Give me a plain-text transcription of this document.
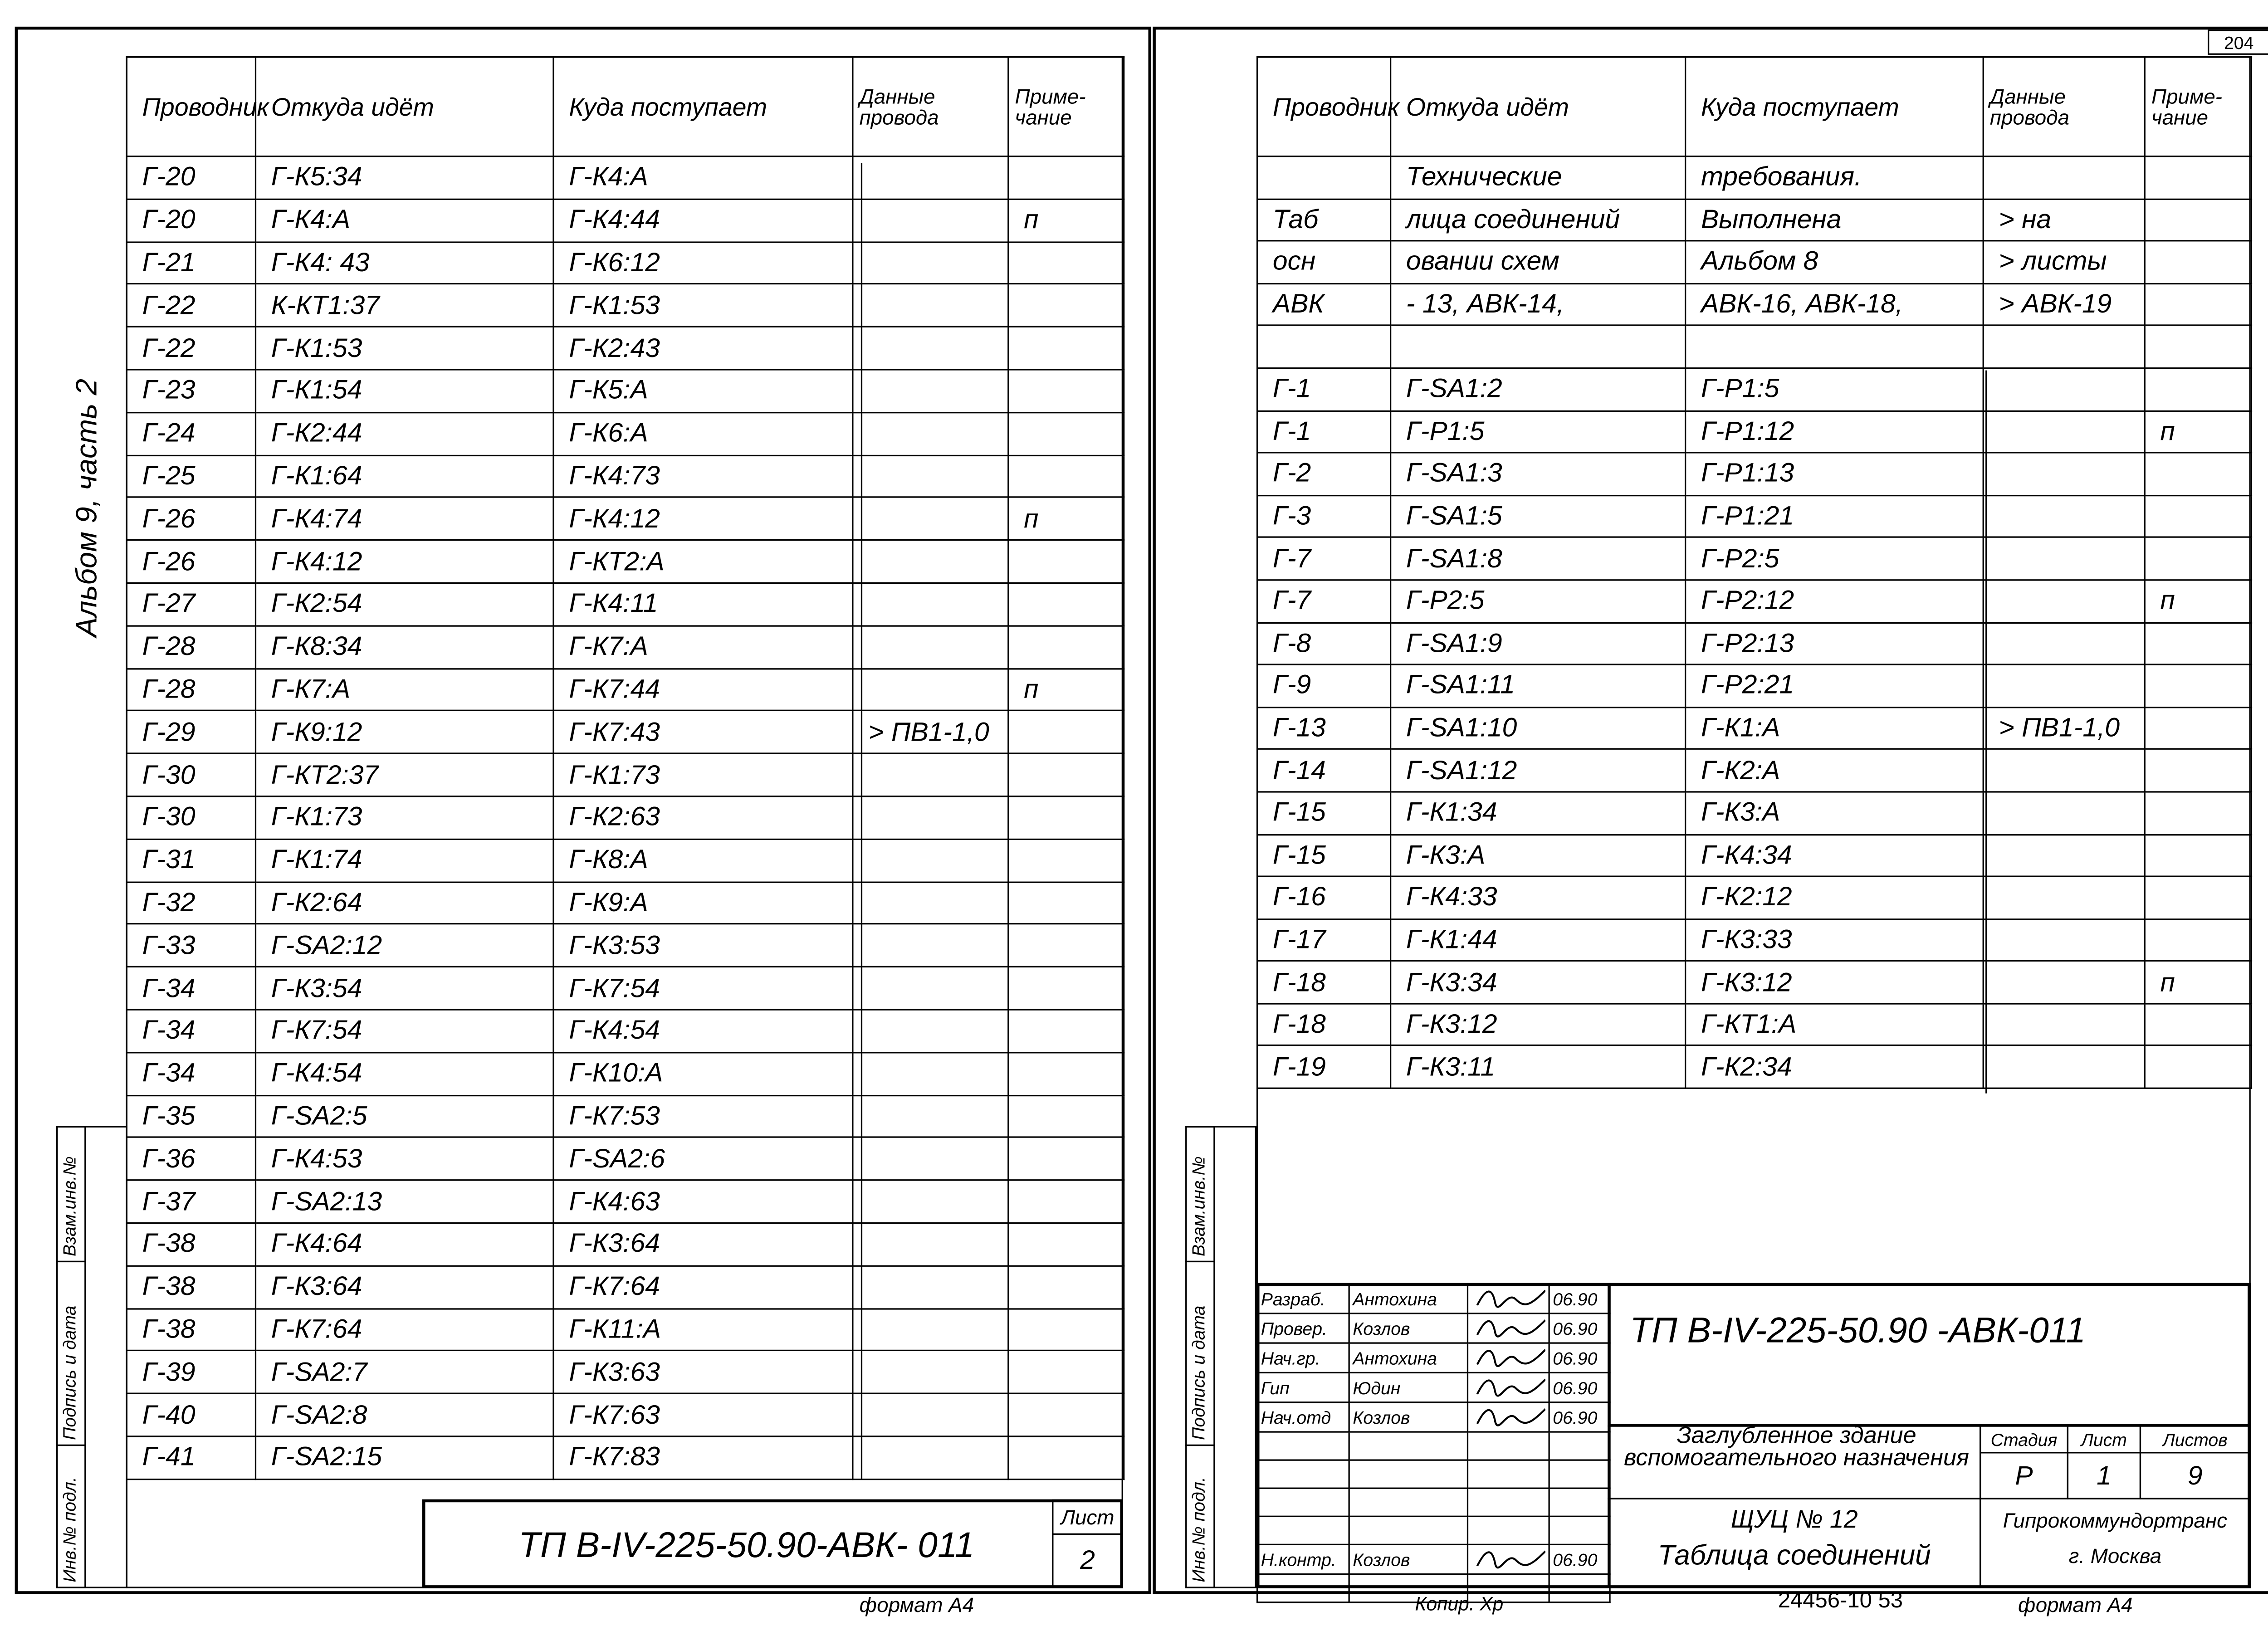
Альбом 9, часть 2
Проводник	Откуда идёт	Куда поступает	Данные провода	Приме-чание
Г-20	Г-К5:34	Г-К4:А		
Г-20	Г-К4:А	Г-К4:44		п
Г-21	Г-К4: 43	Г-К6:12		
Г-22	К-КТ1:37	Г-К1:53		
Г-22	Г-К1:53	Г-К2:43		
Г-23	Г-К1:54	Г-К5:А		
Г-24	Г-К2:44	Г-К6:А		
Г-25	Г-К1:64	Г-К4:73		
Г-26	Г-К4:74	Г-К4:12		п
Г-26	Г-К4:12	Г-КТ2:А		
Г-27	Г-К2:54	Г-К4:11		
Г-28	Г-К8:34	Г-К7:А		
Г-28	Г-К7:А	Г-К7:44		п
Г-29	Г-К9:12	Г-К7:43	> ПВ1-1,0	
Г-30	Г-КТ2:37	Г-К1:73		
Г-30	Г-К1:73	Г-К2:63		
Г-31	Г-К1:74	Г-К8:А		
Г-32	Г-К2:64	Г-К9:А		
Г-33	Г-SA2:12	Г-К3:53		
Г-34	Г-К3:54	Г-К7:54		
Г-34	Г-К7:54	Г-К4:54		
Г-34	Г-К4:54	Г-К10:А		
Г-35	Г-SA2:5	Г-К7:53		
Г-36	Г-К4:53	Г-SA2:6		
Г-37	Г-SA2:13	Г-К4:63		
Г-38	Г-К4:64	Г-К3:64		
Г-38	Г-К3:64	Г-К7:64		
Г-38	Г-К7:64	Г-К11:А		
Г-39	Г-SA2:7	Г-К3:63		
Г-40	Г-SA2:8	Г-К7:63		
Г-41	Г-SA2:15	Г-К7:83		
Взам.инв.№
Подпись и дата
Инв.№ подл.	ТП В-IV-225-50.90-АВК- 011
Лист
2
формат А4
204
Проводник	Откуда идёт	Куда поступает	Данные провода	Приме-чание
	Технические	требования.		
Таб	лица соединений	Выполнена	> на	
осн	овании схем	Альбом 8	> листы	
АВК	- 13, АВК-14,	АВК-16, АВК-18,	> АВК-19	

Г-1	Г-SA1:2	Г-Р1:5		
Г-1	Г-Р1:5	Г-Р1:12		п
Г-2	Г-SA1:3	Г-Р1:13		
Г-3	Г-SA1:5	Г-Р1:21		
Г-7	Г-SA1:8	Г-Р2:5		
Г-7	Г-Р2:5	Г-Р2:12		п
Г-8	Г-SA1:9	Г-Р2:13		
Г-9	Г-SA1:11	Г-Р2:21		
Г-13	Г-SA1:10	Г-К1:А	> ПВ1-1,0	
Г-14	Г-SA1:12	Г-К2:А		
Г-15	Г-К1:34	Г-К3:А		
Г-15	Г-К3:А	Г-К4:34		
Г-16	Г-К4:33	Г-К2:12		
Г-17	Г-К1:44	Г-К3:33		
Г-18	Г-К3:34	Г-К3:12		п
Г-18	Г-К3:12	Г-КТ1:А		
Г-19	Г-К3:11	Г-К2:34		
Взам.инв.№
Подпись и дата
Инв.№ подл.
Разраб.	Антохина		06.90
Провер.	Козлов		06.90
Нач.гр.	Антохина		06.90
Гип	Юдин		06.90
Нач.отд	Козлов		06.90

Н.контр.	Козлов		06.90

ТП В-IV-225-50.90 -АВК-011
Заглубленное здание вспомогательного назначения
Стадия	Лист	Листов
Р	1	9
ЩУЦ № 12
Таблица соединений
Гипрокоммундортранс
г. Москва
Копир. Хр	24456-10 53	формат А4
